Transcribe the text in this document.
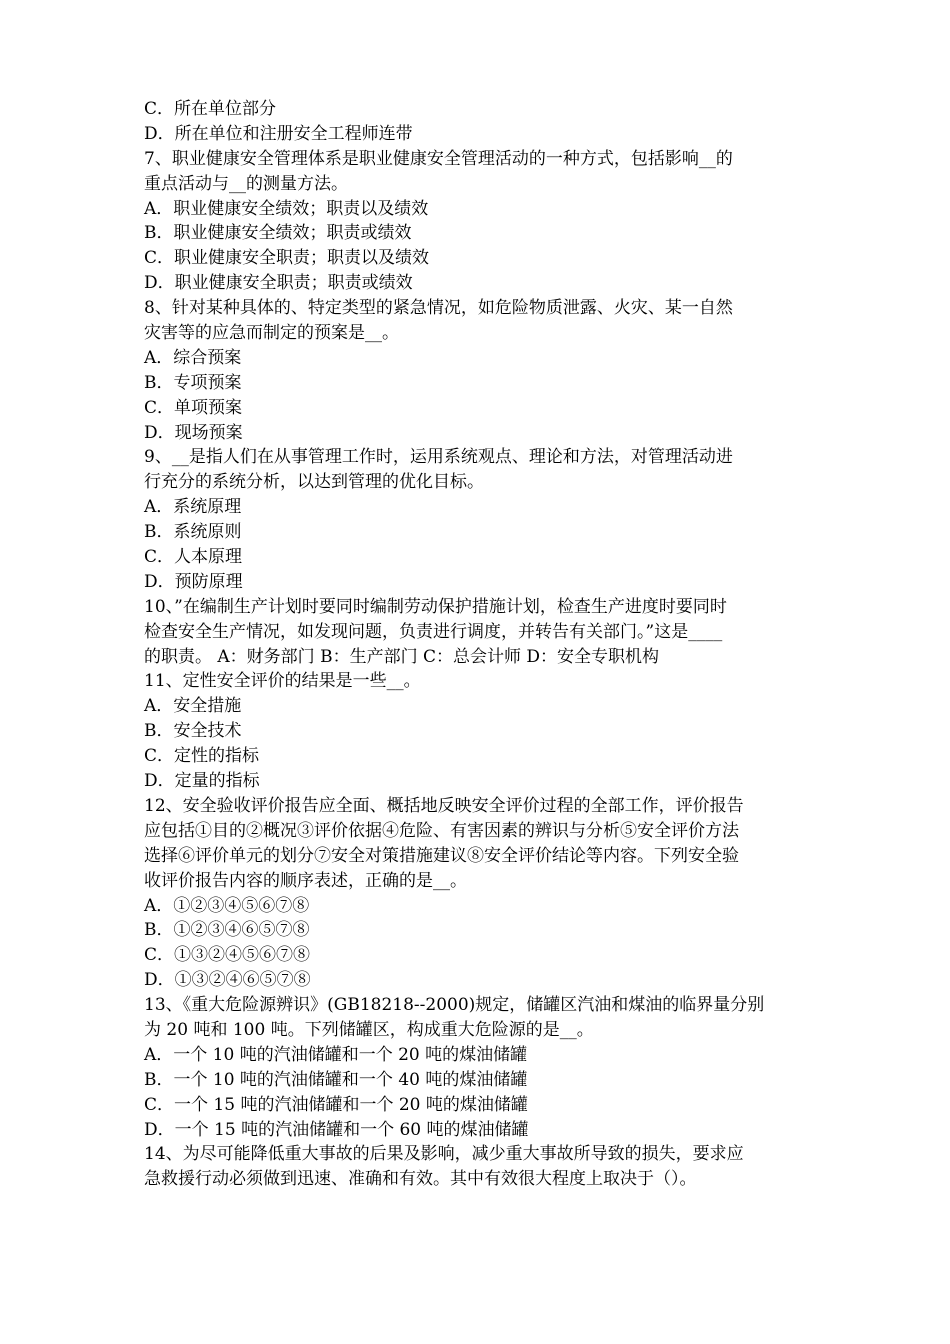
C．所在单位部分
D．所在单位和注册安全工程师连带
7、职业健康安全管理体系是职业健康安全管理活动的一种方式，包括影响__的
重点活动与__的测量方法。
A．职业健康安全绩效；职责以及绩效
B．职业健康安全绩效；职责或绩效
C．职业健康安全职责；职责以及绩效
D．职业健康安全职责；职责或绩效
8、针对某种具体的、特定类型的紧急情况，如危险物质泄露、火灾、某一自然
灾害等的应急而制定的预案是__。
A．综合预案
B．专项预案
C．单项预案
D．现场预案
9、__是指人们在从事管理工作时，运用系统观点、理论和方法，对管理活动进
行充分的系统分析，以达到管理的优化目标。
A．系统原理
B．系统原则
C．人本原理
D．预防原理
10、”在编制生产计划时要同时编制劳动保护措施计划，检查生产进度时要同时
检查安全生产情况，如发现问题，负责进行调度，并转告有关部门。”这是____
的职责。 A：财务部门 B：生产部门 C：总会计师 D：安全专职机构
11、定性安全评价的结果是一些__。
A．安全措施
B．安全技术
C．定性的指标
D．定量的指标
12、安全验收评价报告应全面、概括地反映安全评价过程的全部工作，评价报告
应包括①目的②概况③评价依据④危险、有害因素的辨识与分析⑤安全评价方法
选择⑥评价单元的划分⑦安全对策措施建议⑧安全评价结论等内容。下列安全验
收评价报告内容的顺序表述，正确的是__。
A．①②③④⑤⑥⑦⑧
B．①②③④⑥⑤⑦⑧
C．①③②④⑤⑥⑦⑧
D．①③②④⑥⑤⑦⑧
13、《重大危险源辨识》(GB18218--2000)规定，储罐区汽油和煤油的临界量分别
为 20 吨和 100 吨。下列储罐区，构成重大危险源的是__。
A．一个 10 吨的汽油储罐和一个 20 吨的煤油储罐
B．一个 10 吨的汽油储罐和一个 40 吨的煤油储罐
C．一个 15 吨的汽油储罐和一个 20 吨的煤油储罐
D．一个 15 吨的汽油储罐和一个 60 吨的煤油储罐
14、为尽可能降低重大事故的后果及影响，减少重大事故所导致的损失，要求应
急救援行动必须做到迅速、准确和有效。其中有效很大程度上取决于（）。
